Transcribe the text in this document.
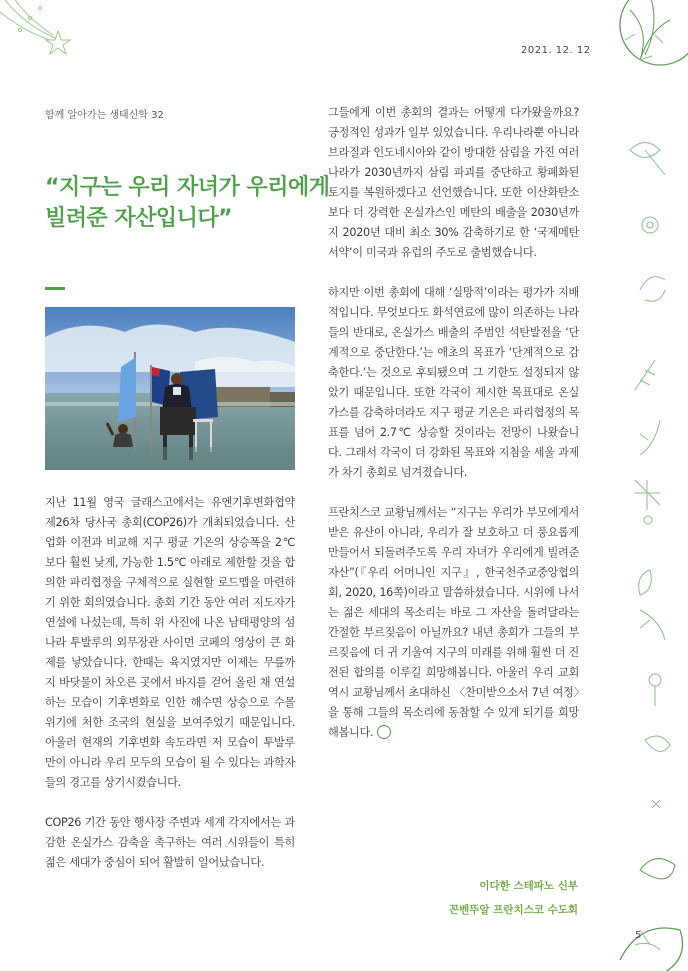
2021. 12. 12
함께 알아가는 생태신학 32
“지구는 우리 자녀가 우리에게
빌려준 자산입니다”

지난 11월 영국 글래스고에서는 유엔기후변화협약 제26차 당사국 총회(COP26)가 개최되었습니다. 산업화 이전과 비교해 지구 평균 기온의 상승폭을 2℃보다 훨씬 낮게, 가능한 1.5℃ 아래로 제한할 것을 합의한 파리협정을 구체적으로 실현할 로드맵을 마련하기 위한 회의였습니다. 총회 기간 동안 여러 지도자가 연설에 나섰는데, 특히 위 사진에 나온 남태평양의 섬나라 투발루의 외무장관 사이먼 코페의 영상이 큰 화제를 낳았습니다. 한때는 육지였지만 이제는 무릎까지 바닷물이 차오른 곳에서 바지를 걷어 올린 채 연설하는 모습이 기후변화로 인한 해수면 상승으로 수몰 위기에 처한 조국의 현실을 보여주었기 때문입니다. 아울러 현재의 기후변화 속도라면 저 모습이 투발루만이 아니라 우리 모두의 모습이 될 수 있다는 과학자들의 경고를 상기시켰습니다.

COP26 기간 동안 행사장 주변과 세계 각지에서는 과감한 온실가스 감축을 촉구하는 여러 시위들이 특히 젊은 세대가 중심이 되어 활발히 일어났습니다.

그들에게 이번 총회의 결과는 어떻게 다가왔을까요? 긍정적인 성과가 일부 있었습니다. 우리나라뿐 아니라 브라질과 인도네시아와 같이 방대한 삼림을 가진 여러 나라가 2030년까지 삼림 파괴를 중단하고 황폐화된 토지를 복원하겠다고 선언했습니다. 또한 이산화탄소보다 더 강력한 온실가스인 메탄의 배출을 2030년까지 2020년 대비 최소 30% 감축하기로 한 ‘국제메탄서약’이 미국과 유럽의 주도로 출범했습니다.

하지만 이번 총회에 대해 ‘실망적’이라는 평가가 지배적입니다. 무엇보다도 화석연료에 많이 의존하는 나라들의 반대로, 온실가스 배출의 주범인 석탄발전을 ‘단계적으로 중단한다.’는 애초의 목표가 ‘단계적으로 감축한다.’는 것으로 후퇴됐으며 그 기한도 설정되지 않았기 때문입니다. 또한 각국이 제시한 목표대로 온실가스를 감축하더라도 지구 평균 기온은 파리협정의 목표를 넘어 2.7℃ 상승할 것이라는 전망이 나왔습니다. 그래서 각국이 더 강화된 목표와 지침을 세울 과제가 차기 총회로 넘겨졌습니다.

프란치스코 교황님께서는 “지구는 우리가 부모에게서 받은 유산이 아니라, 우리가 잘 보호하고 더 풍요롭게 만들어서 되돌려주도록 우리 자녀가 우리에게 빌려준 자산”(『우리 어머니인 지구』, 한국천주교중앙협의회, 2020, 16쪽)이라고 말씀하셨습니다. 시위에 나서는 젊은 세대의 목소리는 바로 그 자산을 돌려달라는 간절한 부르짖음이 아닐까요? 내년 총회가 그들의 부르짖음에 더 귀 기울여 지구의 미래를 위해 훨씬 더 진전된 합의를 이루길 희망해봅니다. 아울러 우리 교회 역시 교황님께서 초대하신 〈찬미받으소서 7년 여정〉을 통해 그들의 목소리에 동참할 수 있게 되기를 희망해봅니다.

이다한 스테파노 신부
꼰벤뚜알 프란치스코 수도회
5
